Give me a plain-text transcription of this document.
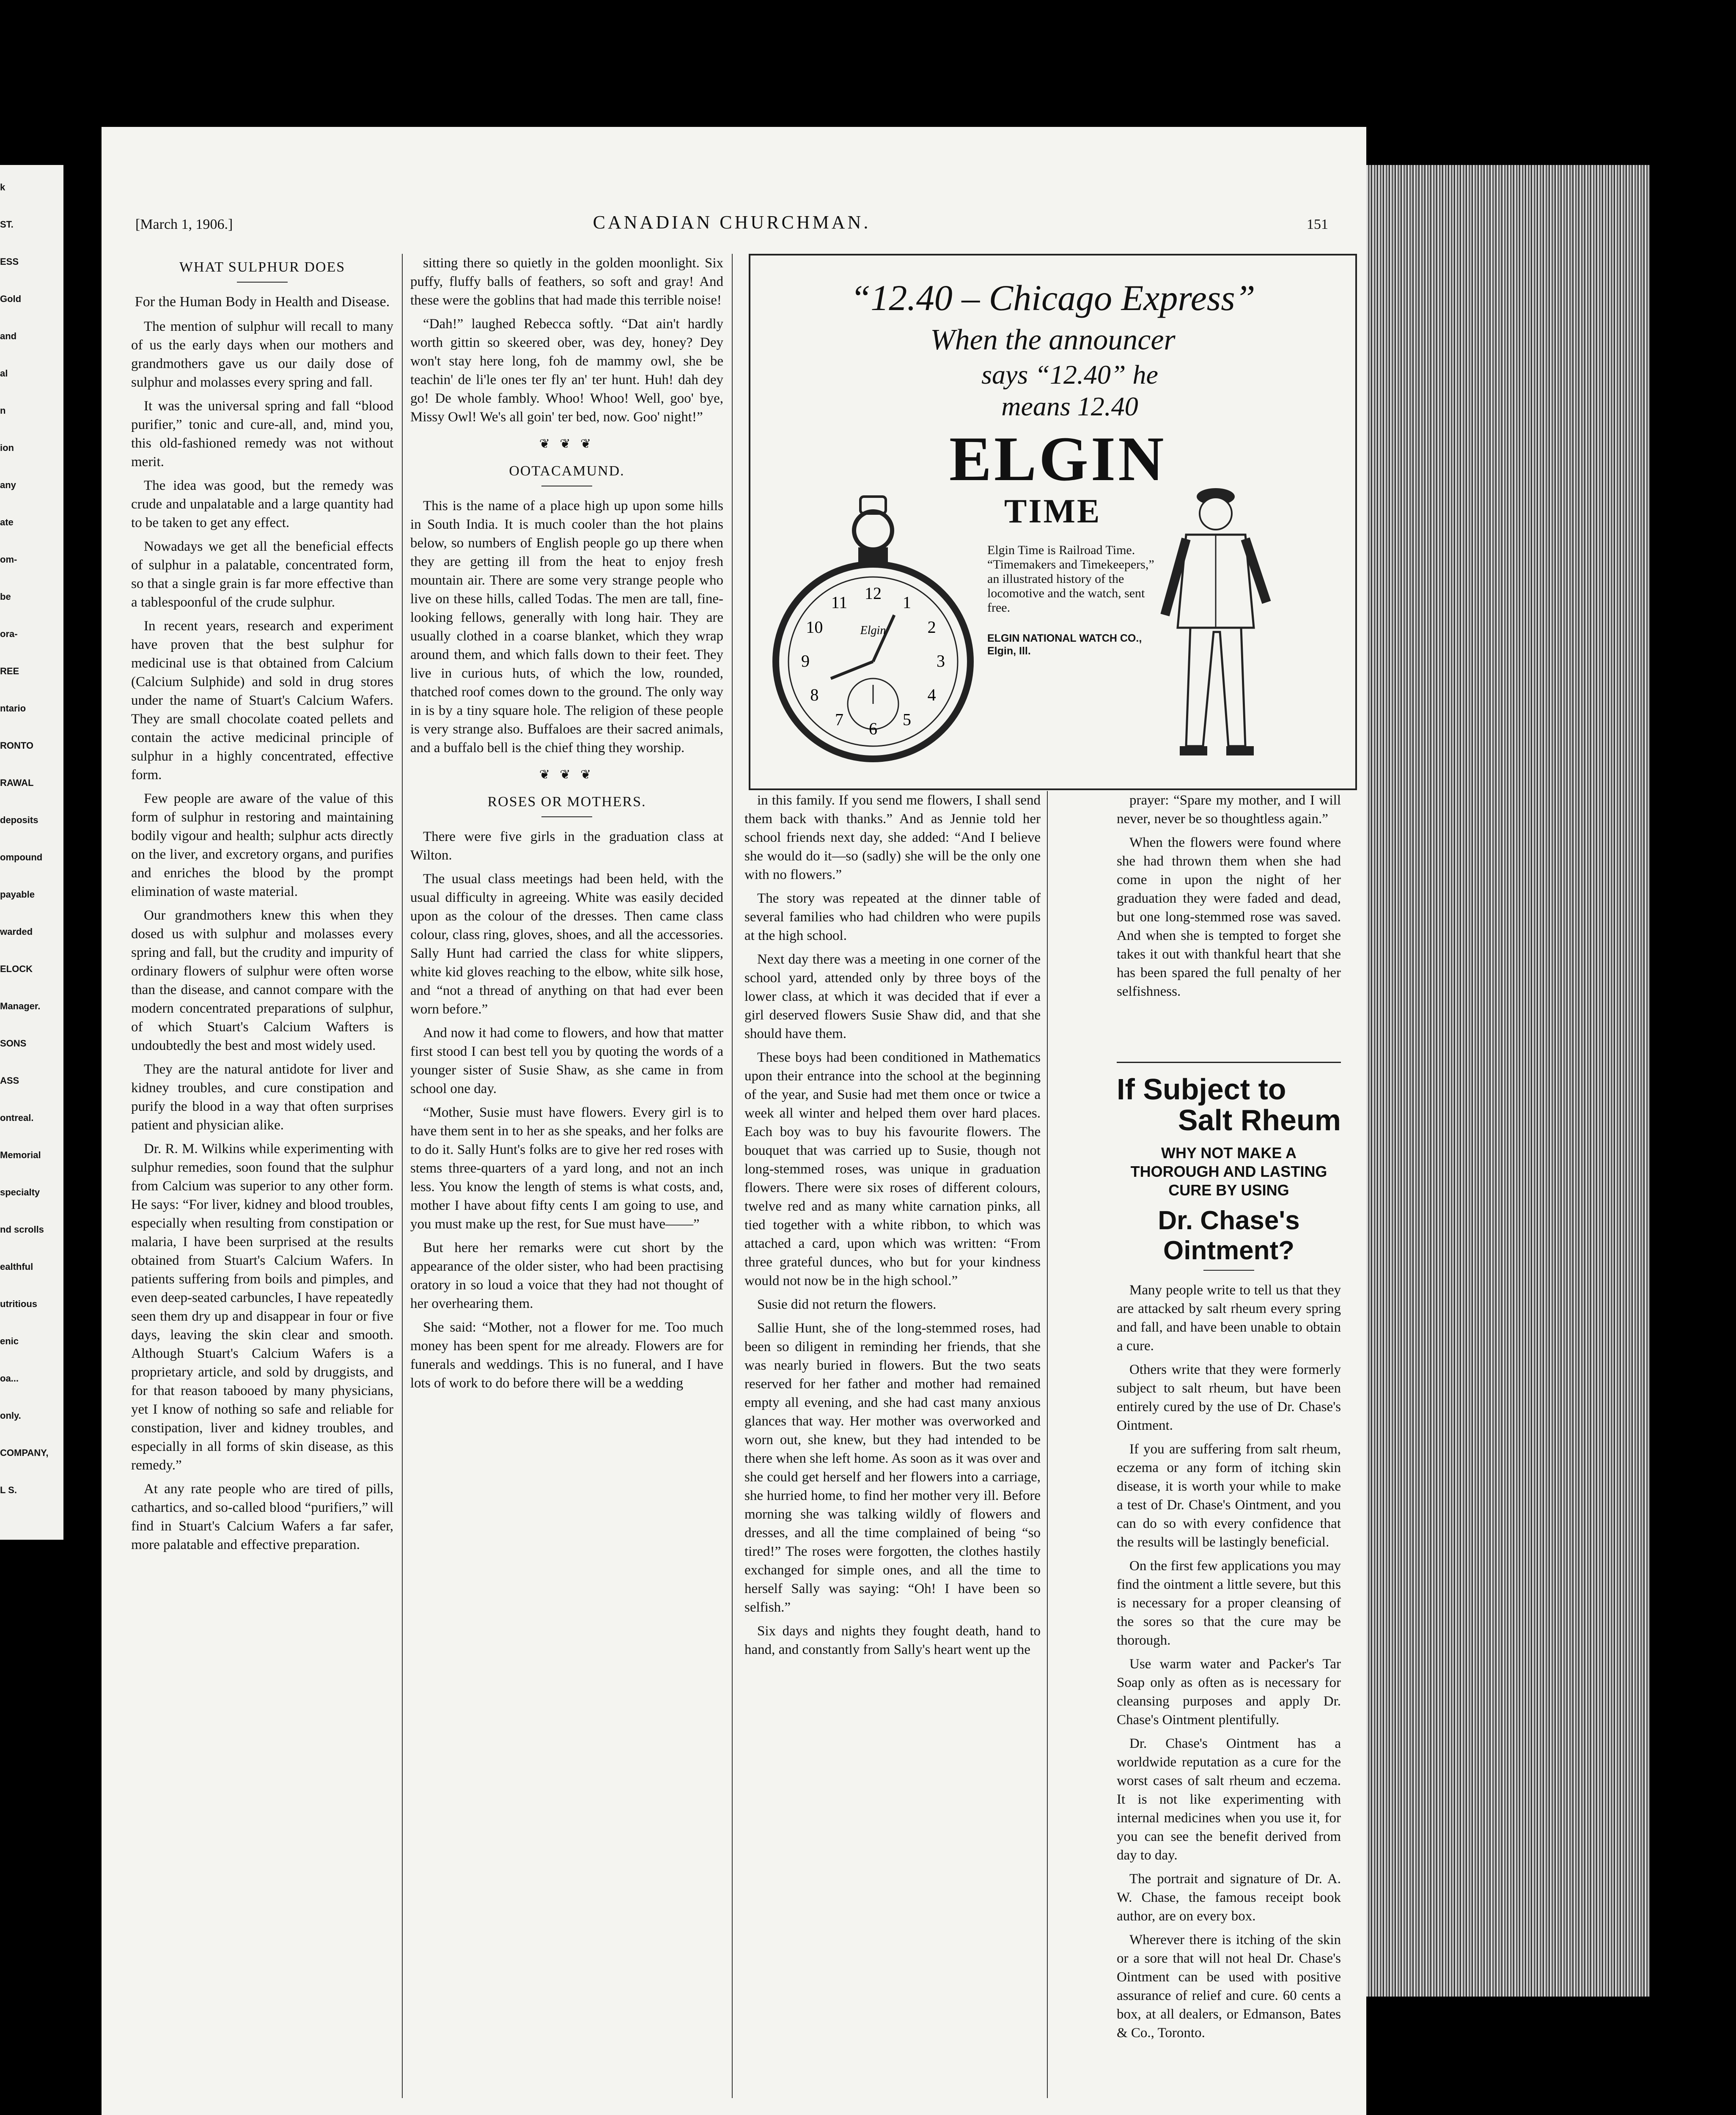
k
ST.
ESS
Gold
and
al
n
ion
any
ate
om-
be
ora-
REE
ntario
RONTO
RAWAL
deposits
ompound
payable
warded
ELOCK
Manager.
SONS
ASS
ontreal.
Memorial
specialty
nd scrolls
ealthful
utritious
enic
oa...
only.
COMPANY,
L S.
[March 1, 1906.]	CANADIAN CHURCHMAN.	151
WHAT SULPHUR DOES
For the Human Body in Health and Disease.

The mention of sulphur will recall to many of us the early days when our mothers and grandmothers gave us our daily dose of sulphur and molasses every spring and fall.

It was the universal spring and fall “blood purifier,” tonic and cure-all, and, mind you, this old-fashioned remedy was not without merit.

The idea was good, but the remedy was crude and unpalatable and a large quantity had to be taken to get any effect.

Nowadays we get all the beneficial effects of sulphur in a palatable, concentrated form, so that a single grain is far more effective than a tablespoonful of the crude sulphur.

In recent years, research and experiment have proven that the best sulphur for medicinal use is that obtained from Calcium (Calcium Sulphide) and sold in drug stores under the name of Stuart's Calcium Wafers. They are small chocolate coated pellets and contain the active medicinal principle of sulphur in a highly concentrated, effective form.

Few people are aware of the value of this form of sulphur in restoring and maintaining bodily vigour and health; sulphur acts directly on the liver, and excretory organs, and purifies and enriches the blood by the prompt elimination of waste material.

Our grandmothers knew this when they dosed us with sulphur and molasses every spring and fall, but the crudity and impurity of ordinary flowers of sulphur were often worse than the disease, and cannot compare with the modern concentrated preparations of sulphur, of which Stuart's Calcium Wafters is undoubtedly the best and most widely used.

They are the natural antidote for liver and kidney troubles, and cure constipation and purify the blood in a way that often surprises patient and physician alike.

Dr. R. M. Wilkins while experimenting with sulphur remedies, soon found that the sulphur from Calcium was superior to any other form. He says: “For liver, kidney and blood troubles, especially when resulting from constipation or malaria, I have been surprised at the results obtained from Stuart's Calcium Wafers. In patients suffering from boils and pimples, and even deep-seated carbuncles, I have repeatedly seen them dry up and disappear in four or five days, leaving the skin clear and smooth. Although Stuart's Calcium Wafers is a proprietary article, and sold by druggists, and for that reason tabooed by many physicians, yet I know of nothing so safe and reliable for constipation, liver and kidney troubles, and especially in all forms of skin disease, as this remedy.”

At any rate people who are tired of pills, cathartics, and so-called blood “purifiers,” will find in Stuart's Calcium Wafers a far safer, more palatable and effective preparation.

sitting there so quietly in the golden moonlight. Six puffy, fluffy balls of feathers, so soft and gray! And these were the goblins that had made this terrible noise!

“Dah!” laughed Rebecca softly. “Dat ain't hardly worth gittin so skeered ober, was dey, honey? Dey won't stay here long, foh de mammy owl, she be teachin' de li'le ones ter fly an' ter hunt. Huh! dah dey go! De whole fambly. Whoo! Whoo! Well, goo' bye, Missy Owl! We's all goin' ter bed, now. Goo' night!”

❦ ❦ ❦
OOTACAMUND.

This is the name of a place high up upon some hills in South India. It is much cooler than the hot plains below, so numbers of English people go up there when they are getting ill from the heat to enjoy fresh mountain air. There are some very strange people who live on these hills, called Todas. The men are tall, fine-looking fellows, generally with long hair. They are usually clothed in a coarse blanket, which they wrap around them, and which falls down to their feet. They live in curious huts, of which the low, rounded, thatched roof comes down to the ground. The only way in is by a tiny square hole. The religion of these people is very strange also. Buffaloes are their sacred animals, and a buffalo bell is the chief thing they worship.

❦ ❦ ❦
ROSES OR MOTHERS.

There were five girls in the graduation class at Wilton.

The usual class meetings had been held, with the usual difficulty in agreeing. White was easily decided upon as the colour of the dresses. Then came class colour, class ring, gloves, shoes, and all the accessories. Sally Hunt had carried the class for white slippers, white kid gloves reaching to the elbow, white silk hose, and “not a thread of anything on that had ever been worn before.”

And now it had come to flowers, and how that matter first stood I can best tell you by quoting the words of a younger sister of Susie Shaw, as she came in from school one day.

“Mother, Susie must have flowers. Every girl is to have them sent in to her as she speaks, and her folks are to do it. Sally Hunt's folks are to give her red roses with stems three-quarters of a yard long, and not an inch less. You know the length of stems is what costs, and, mother I have about fifty cents I am going to use, and you must make up the rest, for Sue must have——”

But here her remarks were cut short by the appearance of the older sister, who had been practising oratory in so loud a voice that they had not thought of her overhearing them.

She said: “Mother, not a flower for me. Too much money has been spent for me already. Flowers are for funerals and weddings. This is no funeral, and I have lots of work to do before there will be a wedding

“12.40 – Chicago Express”
When the announcer
says “12.40” he
means 12.40
ELGIN
TIME
Elgin Time is Railroad Time. “Timemakers and Timekeepers,” an illustrated history of the locomotive and the watch, sent free.
ELGIN NATIONAL WATCH CO., Elgin, Ill.
Elgin
12 1
2
3
4
5
6
7
8
9
10
11

in this family. If you send me flowers, I shall send them back with thanks.” And as Jennie told her school friends next day, she added: “And I believe she would do it—so (sadly) she will be the only one with no flowers.”

The story was repeated at the dinner table of several families who had children who were pupils at the high school.

Next day there was a meeting in one corner of the school yard, attended only by three boys of the lower class, at which it was decided that if ever a girl deserved flowers Susie Shaw did, and that she should have them.

These boys had been conditioned in Mathematics upon their entrance into the school at the beginning of the year, and Susie had met them once or twice a week all winter and helped them over hard places. Each boy was to buy his favourite flowers. The bouquet that was carried up to Susie, though not long-stemmed roses, was unique in graduation flowers. There were six roses of different colours, twelve red and as many white carnation pinks, all tied together with a white ribbon, to which was attached a card, upon which was written: “From three grateful dunces, who but for your kindness would not now be in the high school.”

Susie did not return the flowers.

Sallie Hunt, she of the long-stemmed roses, had been so diligent in reminding her friends, that she was nearly buried in flowers. But the two seats reserved for her father and mother had remained empty all evening, and she had cast many anxious glances that way. Her mother was overworked and worn out, she knew, but they had intended to be there when she left home. As soon as it was over and she could get herself and her flowers into a carriage, she hurried home, to find her mother very ill. Before morning she was talking wildly of flowers and dresses, and all the time complained of being “so tired!” The roses were forgotten, the clothes hastily exchanged for simple ones, and all the time to herself Sally was saying: “Oh! I have been so selfish.”

Six days and nights they fought death, hand to hand, and constantly from Sally's heart went up the

prayer: “Spare my mother, and I will never, never be so thoughtless again.”

When the flowers were found where she had thrown them when she had come in upon the night of her graduation they were faded and dead, but one long-stemmed rose was saved. And when she is tempted to forget she takes it out with thankful heart that she has been spared the full penalty of her selfishness.

If Subject to
Salt Rheum
WHY NOT MAKE A THOROUGH AND LASTING CURE BY USING
Dr. Chase's Ointment?

Many people write to tell us that they are attacked by salt rheum every spring and fall, and have been unable to obtain a cure.

Others write that they were formerly subject to salt rheum, but have been entirely cured by the use of Dr. Chase's Ointment.

If you are suffering from salt rheum, eczema or any form of itching skin disease, it is worth your while to make a test of Dr. Chase's Ointment, and you can do so with every confidence that the results will be lastingly beneficial.

On the first few applications you may find the ointment a little severe, but this is necessary for a proper cleansing of the sores so that the cure may be thorough.

Use warm water and Packer's Tar Soap only as often as is necessary for cleansing purposes and apply Dr. Chase's Ointment plentifully.

Dr. Chase's Ointment has a worldwide reputation as a cure for the worst cases of salt rheum and eczema. It is not like experimenting with internal medicines when you use it, for you can see the benefit derived from day to day.

The portrait and signature of Dr. A. W. Chase, the famous receipt book author, are on every box.

Wherever there is itching of the skin or a sore that will not heal Dr. Chase's Ointment can be used with positive assurance of relief and cure. 60 cents a box, at all dealers, or Edmanson, Bates & Co., Toronto.
